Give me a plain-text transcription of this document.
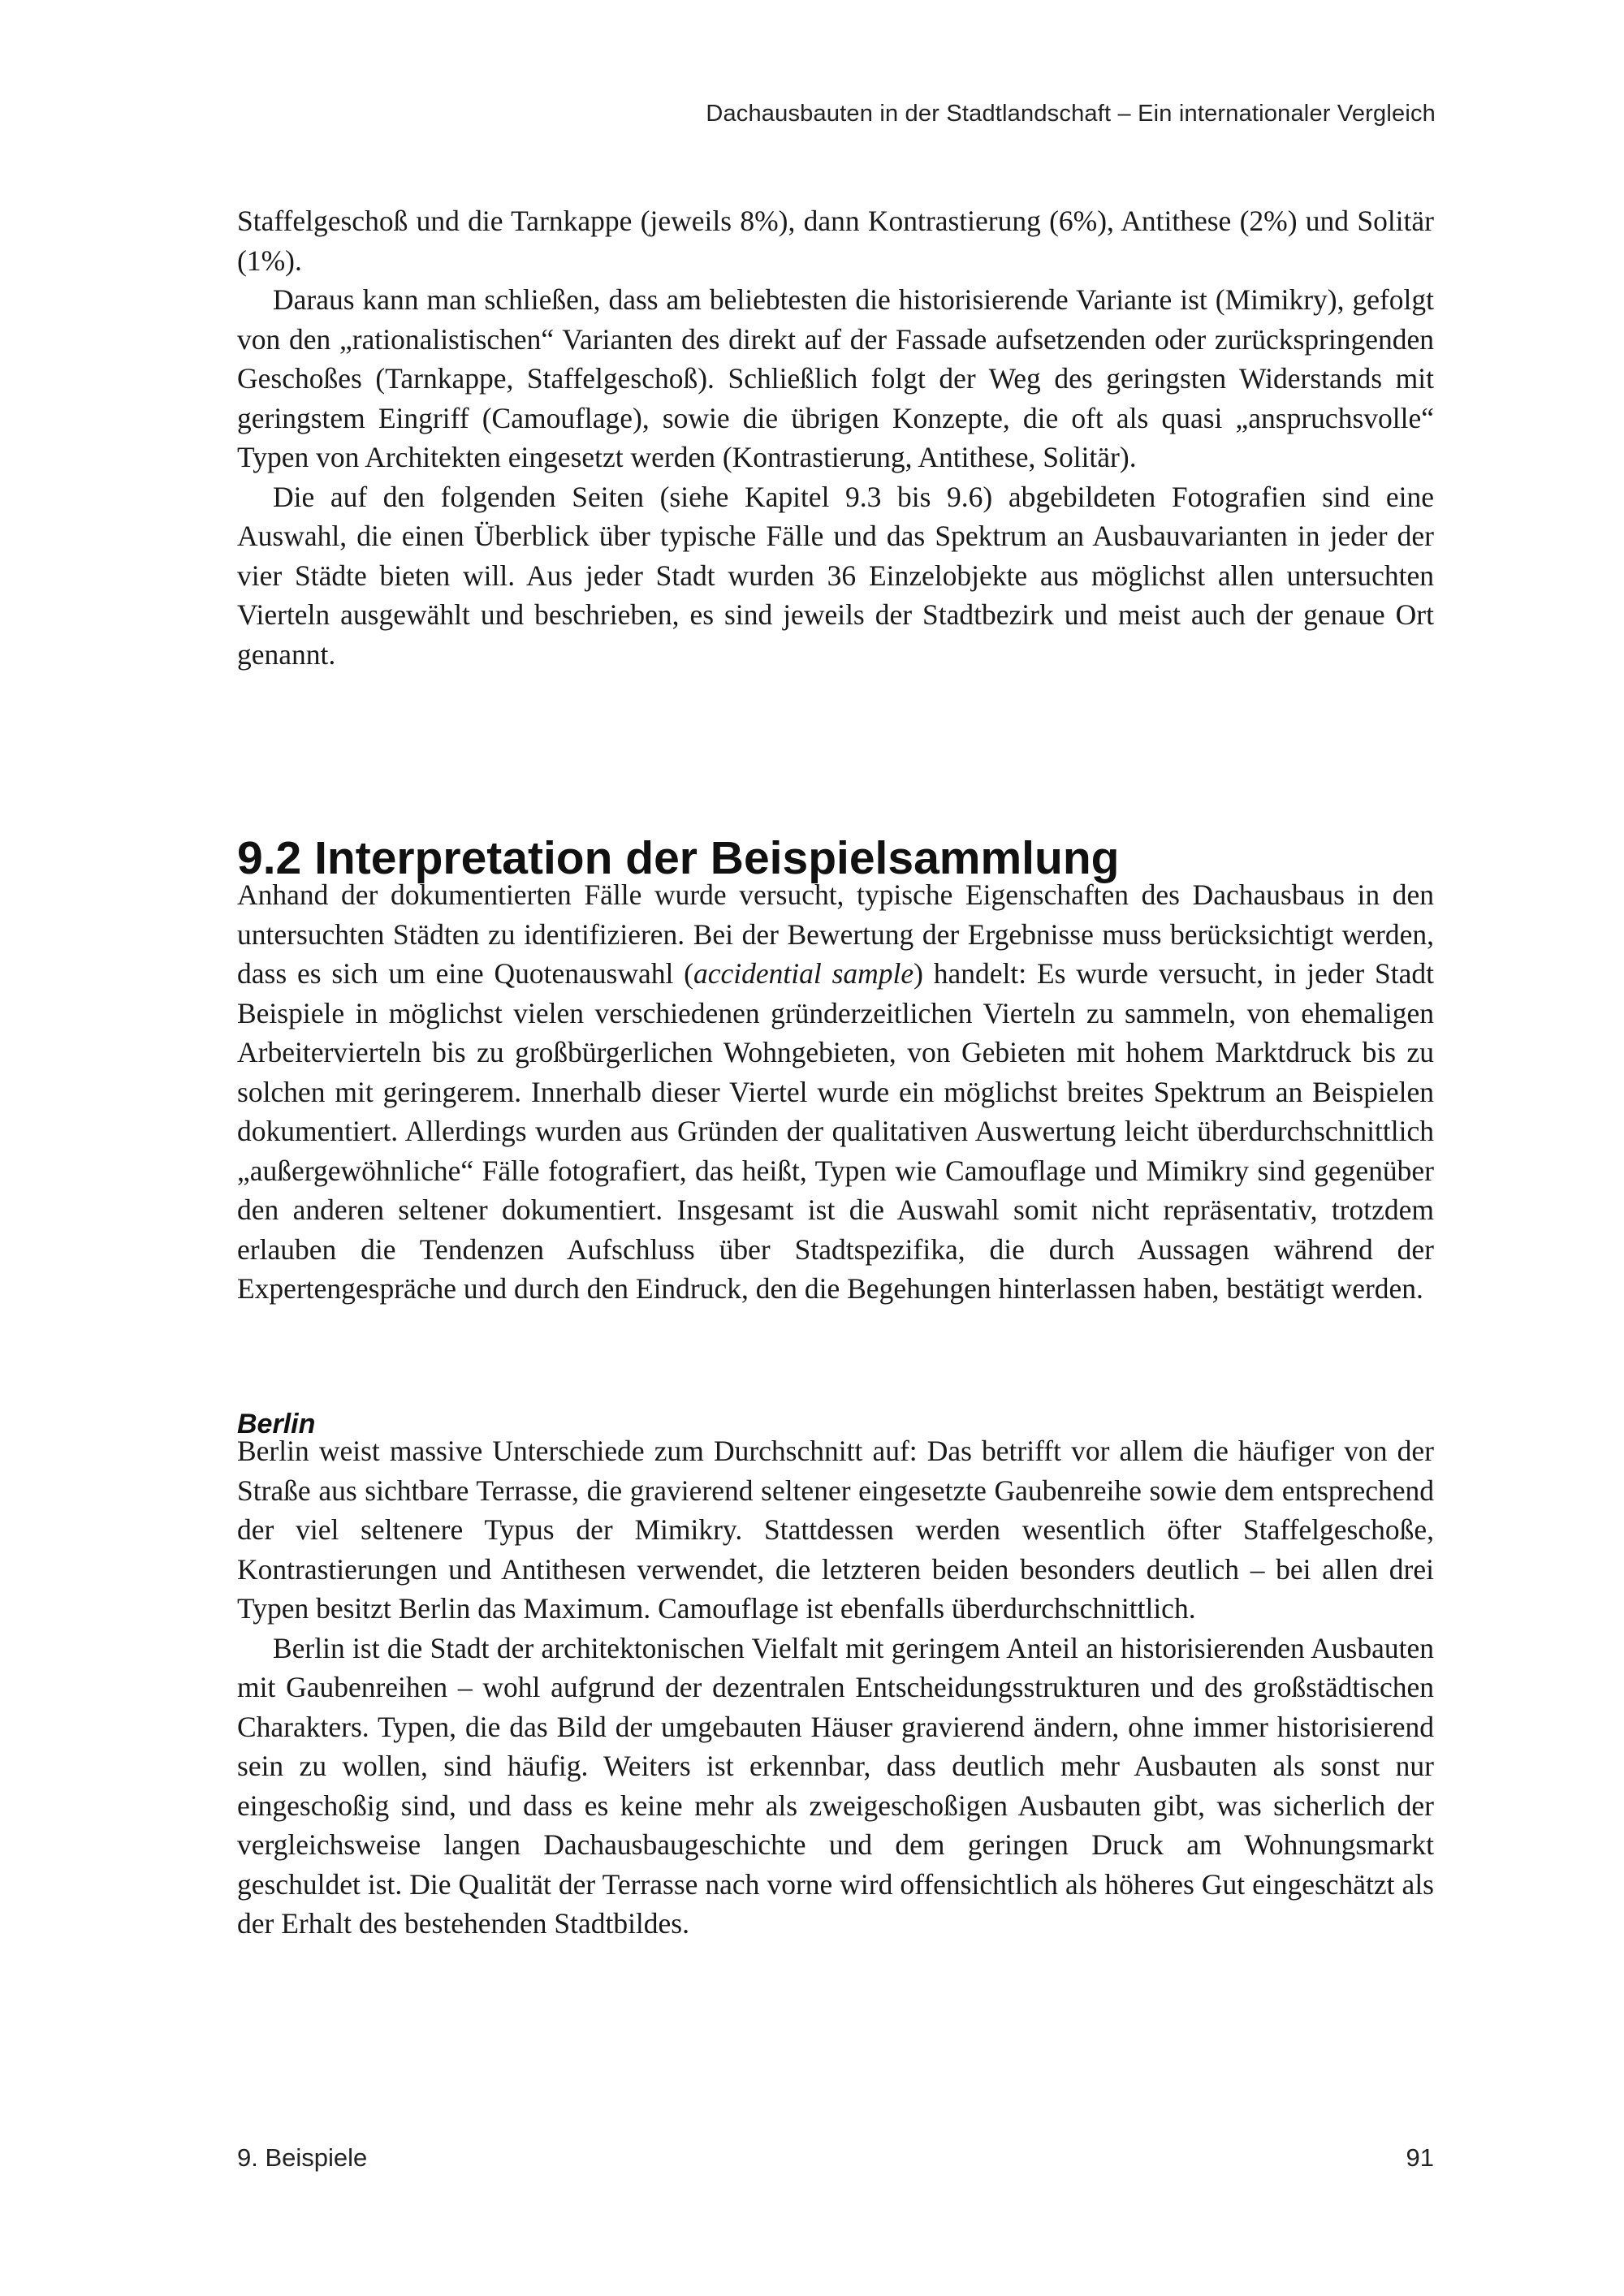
Dachausbauten in der Stadtlandschaft – Ein internationaler Vergleich

Staffelgeschoß und die Tarnkappe (jeweils 8%), dann Kontrastierung (6%), Antithese (2%) und Solitär (1%).

Daraus kann man schließen, dass am beliebtesten die historisierende Variante ist (Mimikry), gefolgt von den „rationalistischen“ Varianten des direkt auf der Fassade aufsetzenden oder zurückspringenden Geschoßes (Tarnkappe, Staffelgeschoß). Schließlich folgt der Weg des geringsten Widerstands mit geringstem Eingriff (Camouflage), sowie die übrigen Konzepte, die oft als quasi „anspruchsvolle“ Typen von Architekten eingesetzt werden (Kontrastierung, Antithese, Solitär).

Die auf den folgenden Seiten (siehe Kapitel 9.3 bis 9.6) abgebildeten Fotografien sind eine Auswahl, die einen Überblick über typische Fälle und das Spektrum an Ausbauvarianten in jeder der vier Städte bieten will. Aus jeder Stadt wurden 36 Einzelobjekte aus möglichst allen untersuchten Vierteln ausgewählt und beschrieben, es sind jeweils der Stadtbezirk und meist auch der genaue Ort genannt.

9.2 Interpretation der Beispielsammlung

Anhand der dokumentierten Fälle wurde versucht, typische Eigenschaften des Dachausbaus in den untersuchten Städten zu identifizieren. Bei der Bewertung der Ergebnisse muss berücksichtigt werden, dass es sich um eine Quotenauswahl (accidential sample) handelt: Es wurde versucht, in jeder Stadt Beispiele in möglichst vielen verschiedenen gründerzeitlichen Vierteln zu sammeln, von ehemaligen Arbeitervierteln bis zu großbürgerlichen Wohngebieten, von Gebieten mit hohem Marktdruck bis zu solchen mit geringerem. Innerhalb dieser Viertel wurde ein möglichst breites Spektrum an Beispielen dokumentiert. Allerdings wurden aus Gründen der qualitativen Auswertung leicht überdurchschnittlich „außergewöhnliche“ Fälle fotografiert, das heißt, Typen wie Camouflage und Mimikry sind gegenüber den anderen seltener dokumentiert. Insgesamt ist die Auswahl somit nicht repräsentativ, trotzdem erlauben die Tendenzen Aufschluss über Stadtspezifika, die durch Aussagen während der Expertengespräche und durch den Eindruck, den die Begehungen hinterlassen haben, bestätigt werden.

Berlin

Berlin weist massive Unterschiede zum Durchschnitt auf: Das betrifft vor allem die häufiger von der Straße aus sichtbare Terrasse, die gravierend seltener eingesetzte Gaubenreihe sowie dem entsprechend der viel seltenere Typus der Mimikry. Stattdessen werden wesentlich öfter Staffelgeschoße, Kontrastierungen und Antithesen verwendet, die letzteren beiden besonders deutlich – bei allen drei Typen besitzt Berlin das Maximum. Camouflage ist ebenfalls überdurchschnittlich.

Berlin ist die Stadt der architektonischen Vielfalt mit geringem Anteil an historisierenden Ausbauten mit Gaubenreihen – wohl aufgrund der dezentralen Entscheidungsstrukturen und des großstädtischen Charakters. Typen, die das Bild der umgebauten Häuser gravierend ändern, ohne immer historisierend sein zu wollen, sind häufig. Weiters ist erkennbar, dass deutlich mehr Ausbauten als sonst nur eingeschoßig sind, und dass es keine mehr als zweigeschoßigen Ausbauten gibt, was sicherlich der vergleichsweise langen Dachausbaugeschichte und dem geringen Druck am Wohnungsmarkt geschuldet ist. Die Qualität der Terrasse nach vorne wird offensichtlich als höheres Gut eingeschätzt als der Erhalt des bestehenden Stadtbildes.

9. Beispiele	91
